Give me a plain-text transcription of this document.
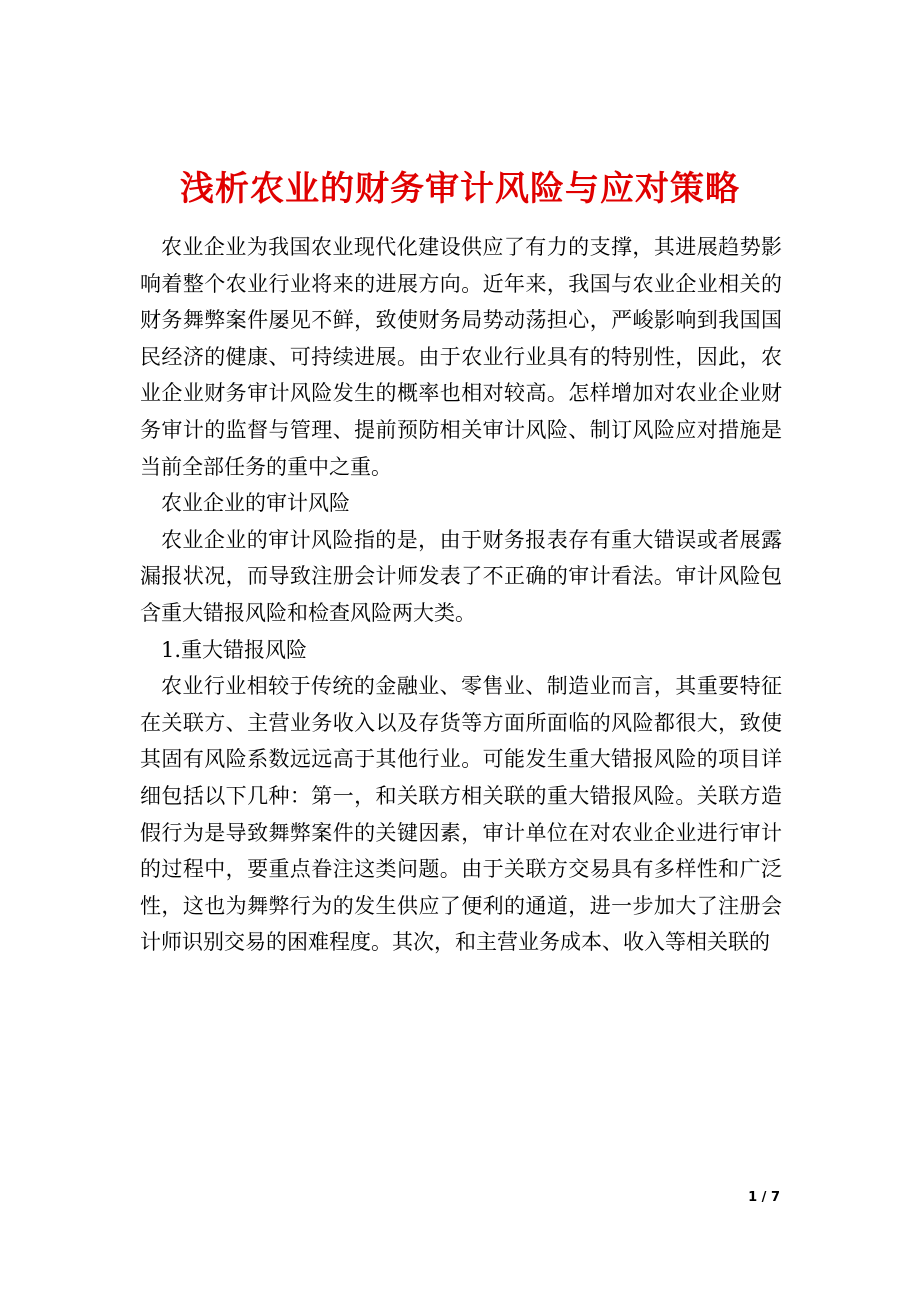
浅析农业的财务审计风险与应对策略

农业企业为我国农业现代化建设供应了有力的支撑，其进展趋势影响着整个农业行业将来的进展方向。近年来，我国与农业企业相关的财务舞弊案件屡见不鲜，致使财务局势动荡担心，严峻影响到我国国民经济的健康、可持续进展。由于农业行业具有的特别性，因此，农业企业财务审计风险发生的概率也相对较高。怎样增加对农业企业财务审计的监督与管理、提前预防相关审计风险、制订风险应对措施是当前全部任务的重中之重。

农业企业的审计风险

农业企业的审计风险指的是，由于财务报表存有重大错误或者展露漏报状况，而导致注册会计师发表了不正确的审计看法。审计风险包含重大错报风险和检查风险两大类。

1.重大错报风险

农业行业相较于传统的金融业、零售业、制造业而言，其重要特征在关联方、主营业务收入以及存货等方面所面临的风险都很大，致使其固有风险系数远远高于其他行业。可能发生重大错报风险的项目详细包括以下几种：第一，和关联方相关联的重大错报风险。关联方造假行为是导致舞弊案件的关键因素，审计单位在对农业企业进行审计的过程中，要重点眷注这类问题。由于关联方交易具有多样性和广泛性，这也为舞弊行为的发生供应了便利的通道，进一步加大了注册会计师识别交易的困难程度。其次，和主营业务成本、收入等相关联的

1 / 7
